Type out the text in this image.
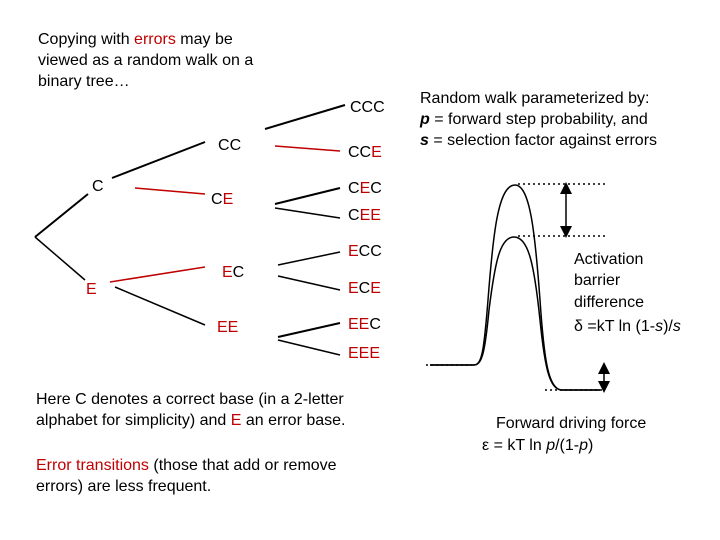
Copying with errors may be
viewed as a random walk on a
binary tree…
C
E
CC
CE
EC
EE
CCC
CCE
CEC
CEE
ECC
ECE
EEC
EEE
Random walk parameterized by:
p = forward step probability, and
s = selection factor against errors
Activation
barrier
difference
δ =kT ln (1-s)/s
Forward driving force
ε = kT ln p/(1-p)
Here C denotes a correct base (in a 2-letter
alphabet for simplicity) and E an error base.
Error transitions (those that add or remove
errors) are less frequent.
